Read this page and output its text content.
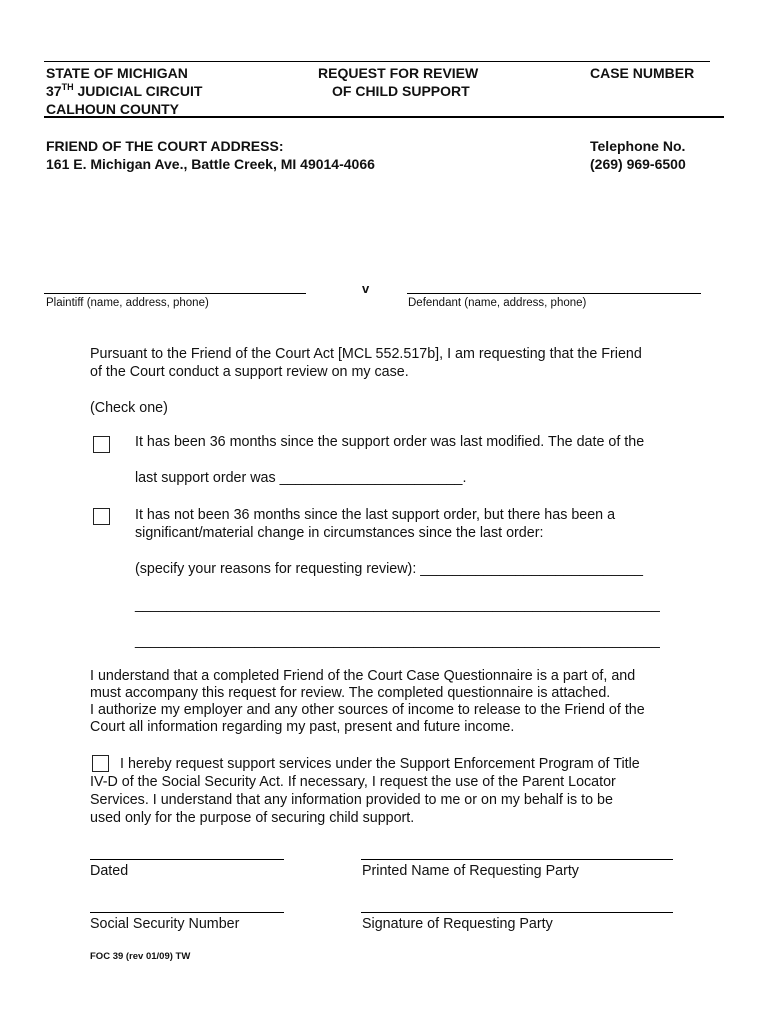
STATE OF MICHIGAN
37TH JUDICIAL CIRCUIT
CALHOUN COUNTY
REQUEST FOR REVIEW
OF CHILD SUPPORT
CASE NUMBER
FRIEND OF THE COURT ADDRESS:
161 E. Michigan Ave., Battle Creek, MI 49014-4066
Telephone No.
(269) 969-6500
Plaintiff (name, address, phone)
v
Defendant (name, address, phone)
Pursuant to the Friend of the Court Act [MCL 552.517b], I am requesting that the Friend
of the Court conduct a support review on my case.
(Check one)
It has been 36 months since the support order was last modified. The date of the
last support order was _______________________.
It has not been 36 months since the last support order, but there has been a
significant/material change in circumstances since the last order:
(specify your reasons for requesting review): ____________________________
__________________________________________________________________
__________________________________________________________________
I understand that a completed Friend of the Court Case Questionnaire is a part of, and
must accompany this request for review. The completed questionnaire is attached.
I authorize my employer and any other sources of income to release to the Friend of the
Court all information regarding my past, present and future income.
I hereby request support services under the Support Enforcement Program of Title
IV-D of the Social Security Act. If necessary, I request the use of the Parent Locator
Services. I understand that any information provided to me or on my behalf is to be
used only for the purpose of securing child support.
Dated	Printed Name of Requesting Party
Social Security Number	Signature of Requesting Party
FOC 39 (rev 01/09) TW
